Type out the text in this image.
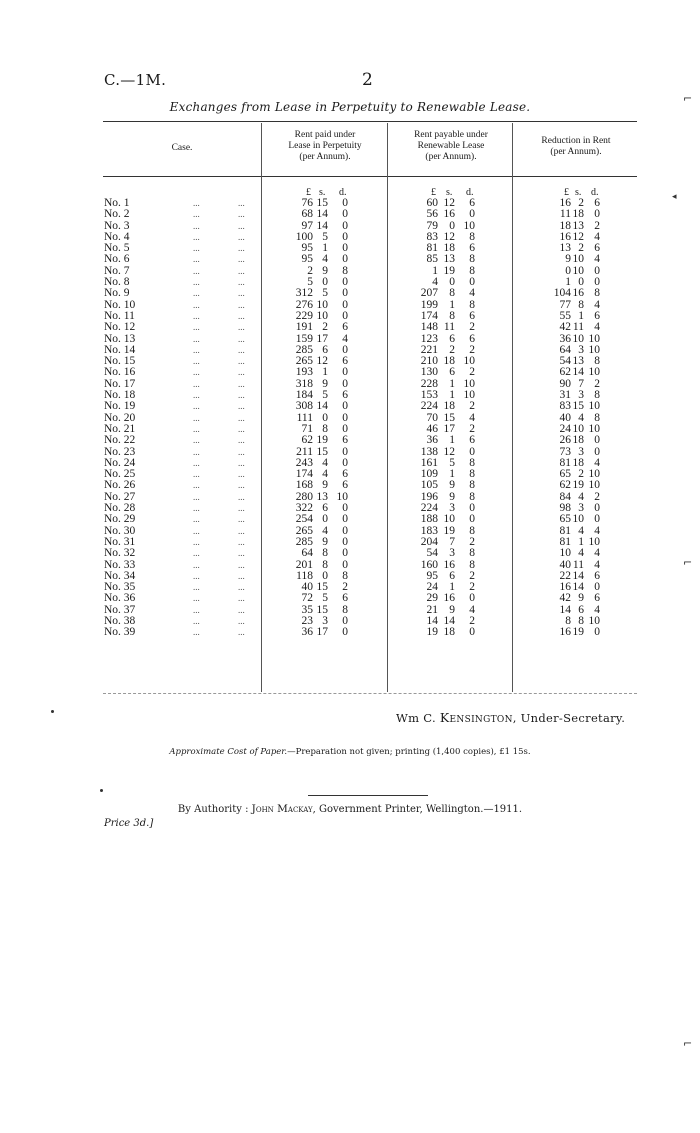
C.—1M.	2
Exchanges from Lease in Perpetuity to Renewable Lease.
Case.
Rent paid under
Lease in Perpetuity
(per Annum).
Rent payable under
Renewable Lease
(per Annum).
Reduction in Rent
(per Annum).
£ s. d.	£ s. d.	£ s. d.
No. 1	...	...	76 15 0	60 12 6	16 2 6
No. 2	...	...	68 14 0	56 16 0	11 18 0
No. 3	...	...	97 14 0	79 0 10	18 13 2
No. 4	...	...	100 5 0	83 12 8	16 12 4
No. 5	...	...	95 1 0	81 18 6	13 2 6
No. 6	...	...	95 4 0	85 13 8	9 10 4
No. 7	...	...	2 9 8	1 19 8	0 10 0
No. 8	...	...	5 0 0	4 0 0	1 0 0
No. 9	...	...	312 5 0	207 8 4	104 16 8
No. 10	...	...	276 10 0	199 1 8	77 8 4
No. 11	...	...	229 10 0	174 8 6	55 1 6
No. 12	...	...	191 2 6	148 11 2	42 11 4
No. 13	...	...	159 17 4	123 6 6	36 10 10
No. 14	...	...	285 6 0	221 2 2	64 3 10
No. 15	...	...	265 12 6	210 18 10	54 13 8
No. 16	...	...	193 1 0	130 6 2	62 14 10
No. 17	...	...	318 9 0	228 1 10	90 7 2
No. 18	...	...	184 5 6	153 1 10	31 3 8
No. 19	...	...	308 14 0	224 18 2	83 15 10
No. 20	...	...	111 0 0	70 15 4	40 4 8
No. 21	...	...	71 8 0	46 17 2	24 10 10
No. 22	...	...	62 19 6	36 1 6	26 18 0
No. 23	...	...	211 15 0	138 12 0	73 3 0
No. 24	...	...	243 4 0	161 5 8	81 18 4
No. 25	...	...	174 4 6	109 1 8	65 2 10
No. 26	...	...	168 9 6	105 9 8	62 19 10
No. 27	...	...	280 13 10	196 9 8	84 4 2
No. 28	...	...	322 6 0	224 3 0	98 3 0
No. 29	...	...	254 0 0	188 10 0	65 10 0
No. 30	...	...	265 4 0	183 19 8	81 4 4
No. 31	...	...	285 9 0	204 7 2	81 1 10
No. 32	...	...	64 8 0	54 3 8	10 4 4
No. 33	...	...	201 8 0	160 16 8	40 11 4
No. 34	...	...	118 0 8	95 6 2	22 14 6
No. 35	...	...	40 15 2	24 1 2	16 14 0
No. 36	...	...	72 5 6	29 16 0	42 9 6
No. 37	...	...	35 15 8	21 9 4	14 6 4
No. 38	...	...	23 3 0	14 14 2	8 8 10
No. 39	...	...	36 17 0	19 18 0	16 19 0
Wm C. Kensington, Under-Secretary.
Approximate Cost of Paper.—Preparation not given; printing (1,400 copies), £1 15s.
By Authority : John Mackay, Government Printer, Wellington.—1911.
Price 3d.]
⌐
◂
⌐
⌐
